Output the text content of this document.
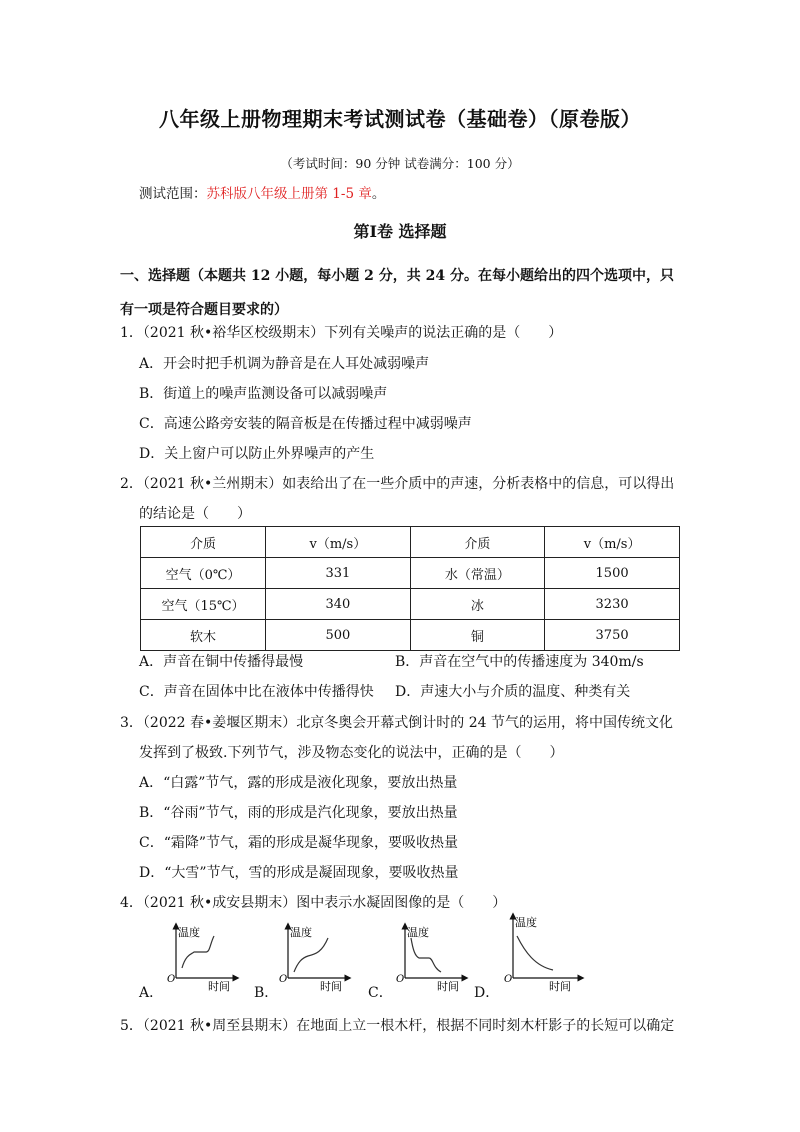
八年级上册物理期末考试测试卷（基础卷）（原卷版）
（考试时间：90 分钟 试卷满分：100 分）
测试范围：苏科版八年级上册第 1-5 章。
第Ⅰ卷 选择题
一、选择题（本题共 12 小题，每小题 2 分，共 24 分。在每小题给出的四个选项中，只有一项是符合题目要求的）
1．（2021 秋•裕华区校级期末）下列有关噪声的说法正确的是（　　）
A．开会时把手机调为静音是在人耳处减弱噪声
B．街道上的噪声监测设备可以减弱噪声
C．高速公路旁安装的隔音板是在传播过程中减弱噪声
D．关上窗户可以防止外界噪声的产生
2．（2021 秋•兰州期末）如表给出了在一些介质中的声速，分析表格中的信息，可以得出
的结论是（　　）
介质	v（m/s）	介质	v（m/s）
空气（0℃）	331	水（常温）	1500
空气（15℃）	340	冰	3230
软木	500	铜	3750
A．声音在铜中传播得最慢	B．声音在空气中的传播速度为 340m/s
C．声音在固体中比在液体中传播得快 D．声速大小与介质的温度、种类有关
3．（2022 春•姜堰区期末）北京冬奥会开幕式倒计时的 24 节气的运用，将中国传统文化
发挥到了极致.下列节气，涉及物态变化的说法中，正确的是（　　）
A．“白露”节气，露的形成是液化现象，要放出热量
B．“谷雨”节气，雨的形成是汽化现象，要放出热量
C．“霜降”节气，霜的形成是凝华现象，要吸收热量
D．“大雪”节气，雪的形成是凝固现象，要吸收热量
4．（2021 秋•成安县期末）图中表示水凝固图像的是（　　）
A．
温度
O
时间 B．
温度
O
时间 C．
温度
O
时间 D．
温度
O
时间
5．（2021 秋•周至县期末）在地面上立一根木杆，根据不同时刻木杆影子的长短可以确定
